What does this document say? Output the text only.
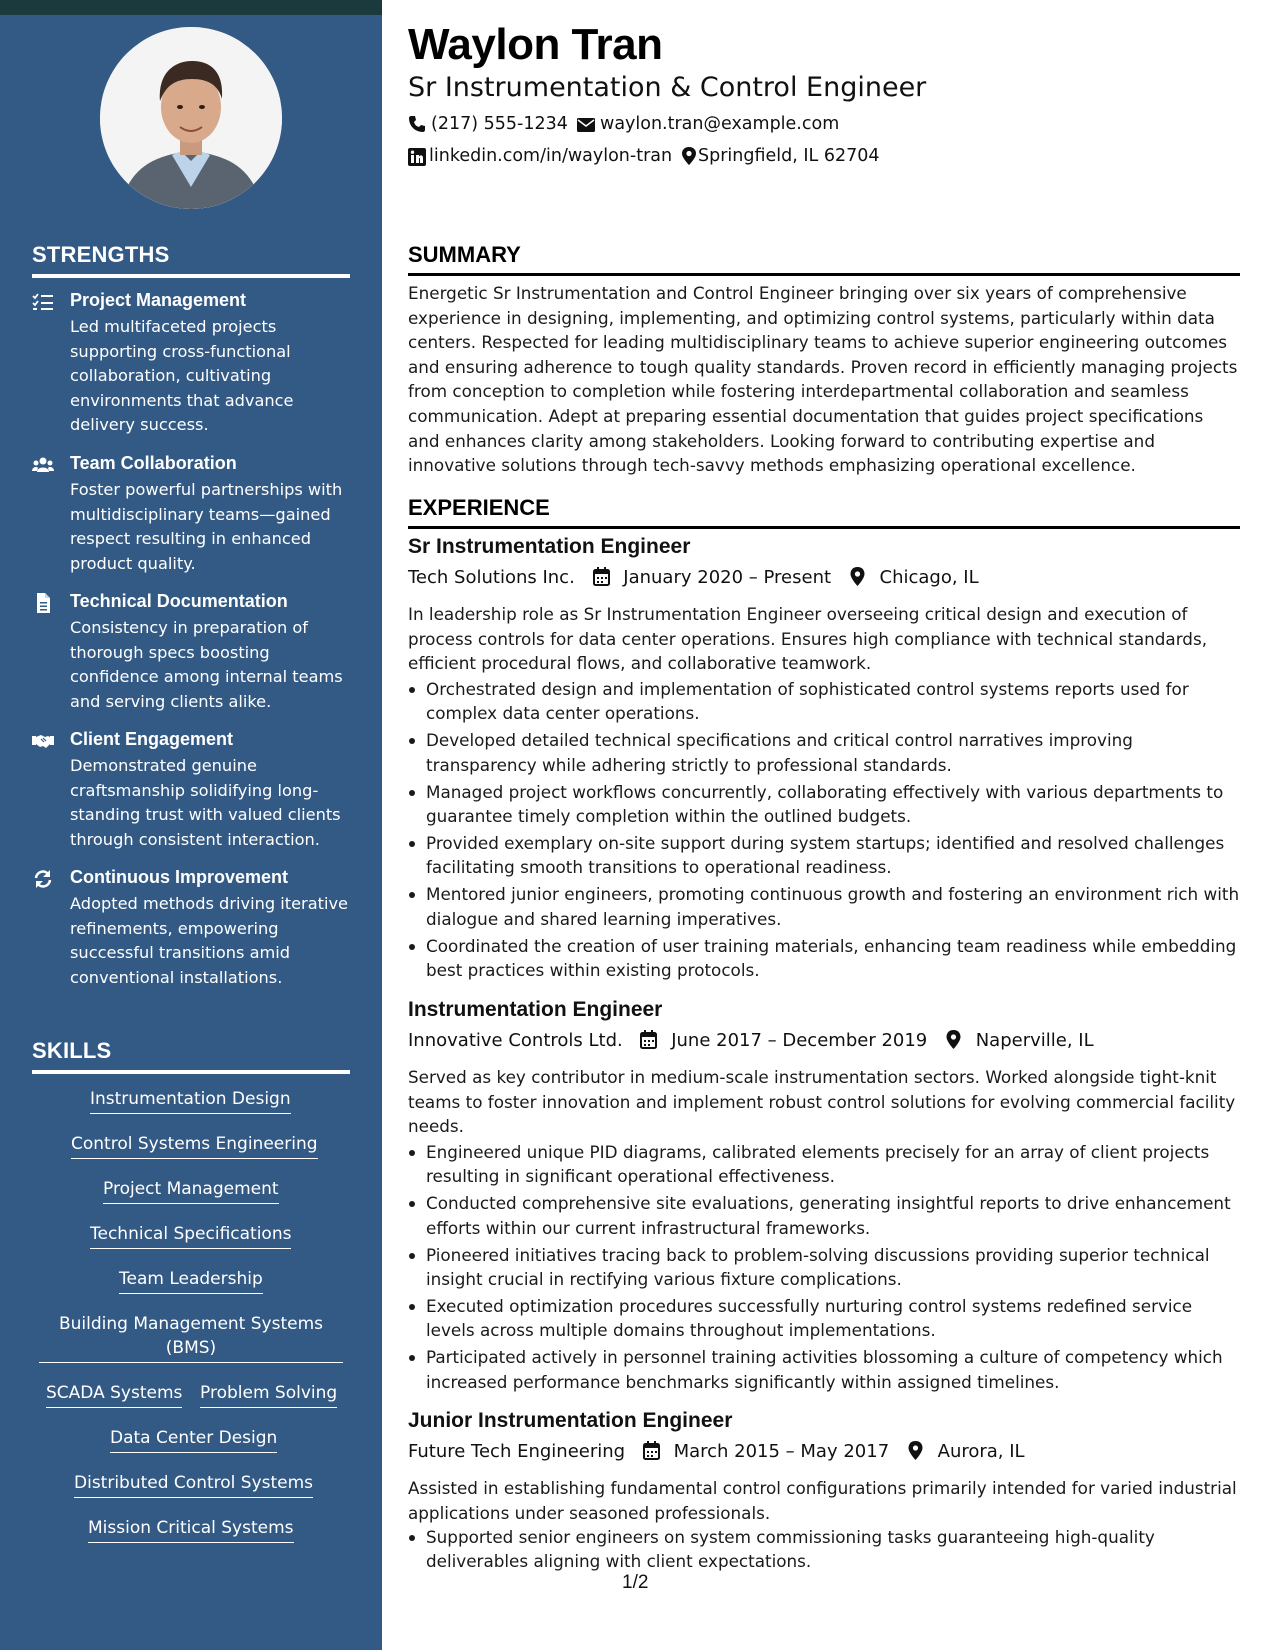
STRENGTHS
Project Management
Led multifaceted projects supporting cross-functional collaboration, cultivating environments that advance delivery success.
Team Collaboration
Foster powerful partnerships with multidisciplinary teams—gained respect resulting in enhanced product quality.
Technical Documentation
Consistency in preparation of thorough specs boosting confidence among internal teams and serving clients alike.
Client Engagement
Demonstrated genuine craftsmanship solidifying long-standing trust with valued clients through consistent interaction.
Continuous Improvement
Adopted methods driving iterative refinements, empowering successful transitions amid conventional installations.
SKILLS
Instrumentation Design
Control Systems Engineering
Project Management
Technical Specifications
Team Leadership
Building Management Systems (BMS)
SCADA Systems Problem Solving
Data Center Design
Distributed Control Systems
Mission Critical Systems
Waylon Tran
Sr Instrumentation & Control Engineer
(217) 555-1234 waylon.tran@example.com
linkedin.com/in/waylon-tran Springfield, IL 62704
SUMMARY
Energetic Sr Instrumentation and Control Engineer bringing over six years of comprehensive experience in designing, implementing, and optimizing control systems, particularly within data centers. Respected for leading multidisciplinary teams to achieve superior engineering outcomes and ensuring adherence to tough quality standards. Proven record in efficiently managing projects from conception to completion while fostering interdepartmental collaboration and seamless communication. Adept at preparing essential documentation that guides project specifications and enhances clarity among stakeholders. Looking forward to contributing expertise and innovative solutions through tech-savvy methods emphasizing operational excellence.
EXPERIENCE
Sr Instrumentation Engineer
Tech Solutions Inc.	January 2020 – Present	Chicago, IL
In leadership role as Sr Instrumentation Engineer overseeing critical design and execution of process controls for data center operations. Ensures high compliance with technical standards, efficient procedural flows, and collaborative teamwork.
Orchestrated design and implementation of sophisticated control systems reports used for complex data center operations.
Developed detailed technical specifications and critical control narratives improving transparency while adhering strictly to professional standards.
Managed project workflows concurrently, collaborating effectively with various departments to guarantee timely completion within the outlined budgets.
Provided exemplary on-site support during system startups; identified and resolved challenges facilitating smooth transitions to operational readiness.
Mentored junior engineers, promoting continuous growth and fostering an environment rich with dialogue and shared learning imperatives.
Coordinated the creation of user training materials, enhancing team readiness while embedding best practices within existing protocols.
Instrumentation Engineer
Innovative Controls Ltd.	June 2017 – December 2019	Naperville, IL
Served as key contributor in medium-scale instrumentation sectors. Worked alongside tight-knit teams to foster innovation and implement robust control solutions for evolving commercial facility needs.
Engineered unique PID diagrams, calibrated elements precisely for an array of client projects resulting in significant operational effectiveness.
Conducted comprehensive site evaluations, generating insightful reports to drive enhancement efforts within our current infrastructural frameworks.
Pioneered initiatives tracing back to problem-solving discussions providing superior technical insight crucial in rectifying various fixture complications.
Executed optimization procedures successfully nurturing control systems redefined service levels across multiple domains throughout implementations.
Participated actively in personnel training activities blossoming a culture of competency which increased performance benchmarks significantly within assigned timelines.
Junior Instrumentation Engineer
Future Tech Engineering	March 2015 – May 2017	Aurora, IL
Assisted in establishing fundamental control configurations primarily intended for varied industrial applications under seasoned professionals.
Supported senior engineers on system commissioning tasks guaranteeing high-quality deliverables aligning with client expectations.
1/2
